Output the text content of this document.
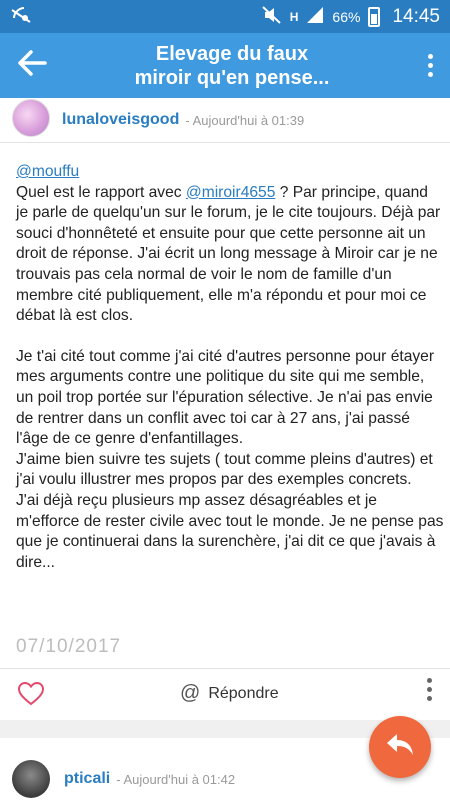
H 66% 14:45
Elevage du faux
miroir qu'en pense...
lunaloveisgood - Aujourd'hui à 01:39

@mouffu

Quel est le rapport avec @miroir4655 ? Par principe, quand je parle de quelqu'un sur le forum, je le cite toujours. Déjà par souci d'honnêteté et ensuite pour que cette personne ait un droit de réponse. J'ai écrit un long message à Miroir car je ne trouvais pas cela normal de voir le nom de famille d'un membre cité publiquement, elle m'a répondu et pour moi ce débat là est clos.

Je t'ai cité tout comme j'ai cité d'autres personne pour étayer mes arguments contre une politique du site qui me semble, un poil trop portée sur l'épuration sélective. Je n'ai pas envie de rentrer dans un conflit avec toi car à 27 ans, j'ai passé l'âge de ce genre d'enfantillages.

J'aime bien suivre tes sujets ( tout comme pleins d'autres) et j'ai voulu illustrer mes propos par des exemples concrets.

J'ai déjà reçu plusieurs mp assez désagréables et je m'efforce de rester civile avec tout le monde. Je ne pense pas que je continuerai dans la surenchère, j'ai dit ce que j'avais à dire...

07/10/2017
@ Répondre
pticali - Aujourd'hui à 01:42
